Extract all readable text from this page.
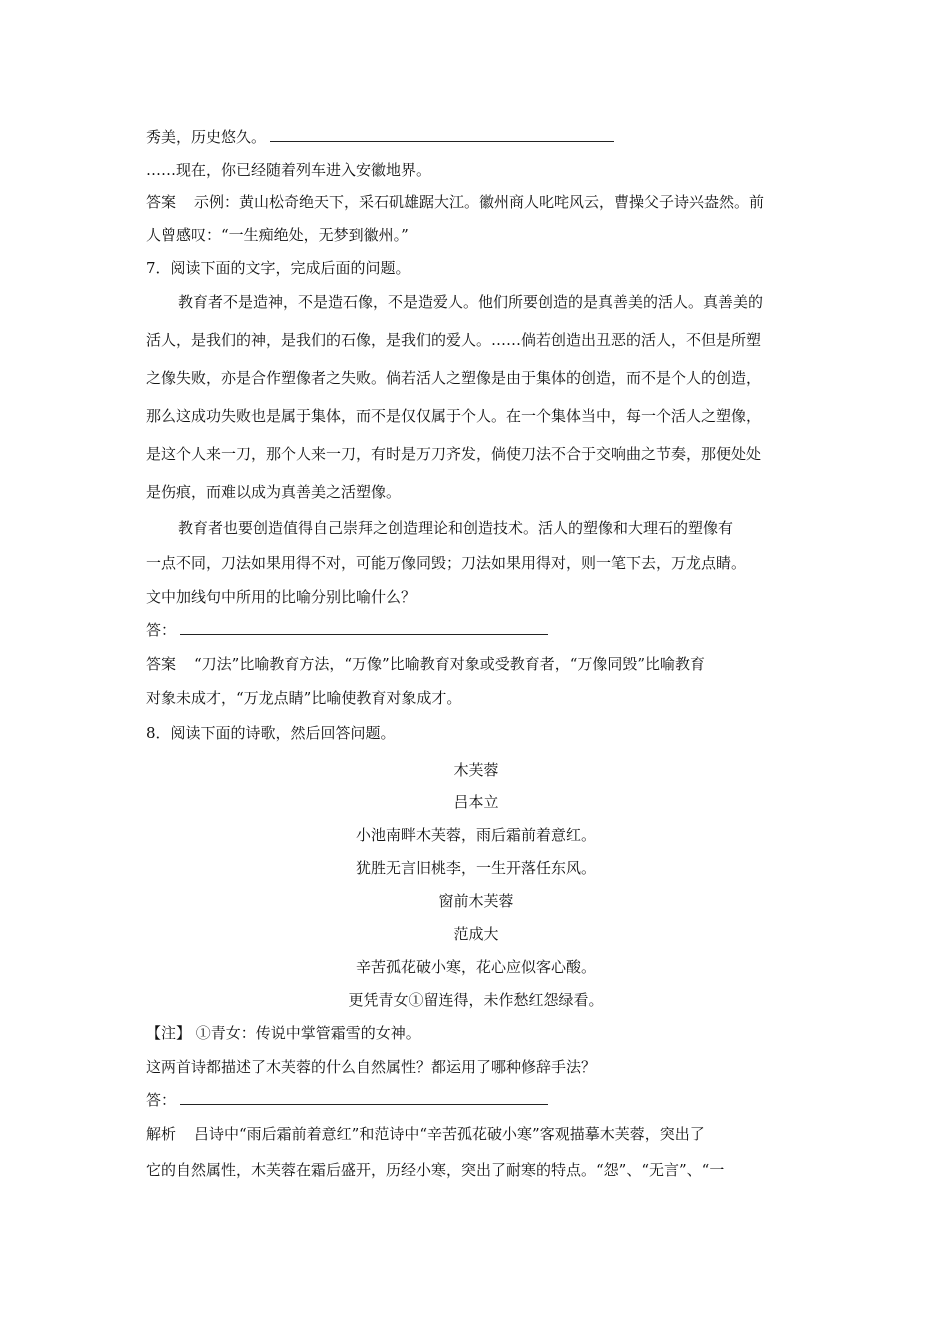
秀美，历史悠久。
……现在，你已经随着列车进入安徽地界。
答案 示例：黄山松奇绝天下，采石矶雄踞大江。徽州商人叱咤风云，曹操父子诗兴盎然。前
人曾感叹：“一生痴绝处，无梦到徽州。”
7．阅读下面的文字，完成后面的问题。
教育者不是造神，不是造石像，不是造爱人。他们所要创造的是真善美的活人。真善美的
活人，是我们的神，是我们的石像，是我们的爱人。……倘若创造出丑恶的活人，不但是所塑
之像失败，亦是合作塑像者之失败。倘若活人之塑像是由于集体的创造，而不是个人的创造，
那么这成功失败也是属于集体，而不是仅仅属于个人。在一个集体当中，每一个活人之塑像，
是这个人来一刀，那个人来一刀，有时是万刀齐发，倘使刀法不合于交响曲之节奏，那便处处
是伤痕，而难以成为真善美之活塑像。
教育者也要创造值得自己崇拜之创造理论和创造技术。活人的塑像和大理石的塑像有
一点不同，刀法如果用得不对，可能万像同毁；刀法如果用得对，则一笔下去，万龙点睛。
文中加线句中所用的比喻分别比喻什么？
答：
答案 “刀法”比喻教育方法，“万像”比喻教育对象或受教育者，“万像同毁”比喻教育
对象未成才，“万龙点睛”比喻使教育对象成才。
8．阅读下面的诗歌，然后回答问题。
木芙蓉
吕本立
小池南畔木芙蓉，雨后霜前着意红。
犹胜无言旧桃李，一生开落任东风。
窗前木芙蓉
范成大
辛苦孤花破小寒，花心应似客心酸。
更凭青女①留连得，未作愁红怨绿看。
【注】 ①青女：传说中掌管霜雪的女神。
这两首诗都描述了木芙蓉的什么自然属性？都运用了哪种修辞手法？
答：
解析 吕诗中“雨后霜前着意红”和范诗中“辛苦孤花破小寒”客观描摹木芙蓉，突出了
它的自然属性，木芙蓉在霜后盛开，历经小寒，突出了耐寒的特点。“怨”、“无言”、“一
